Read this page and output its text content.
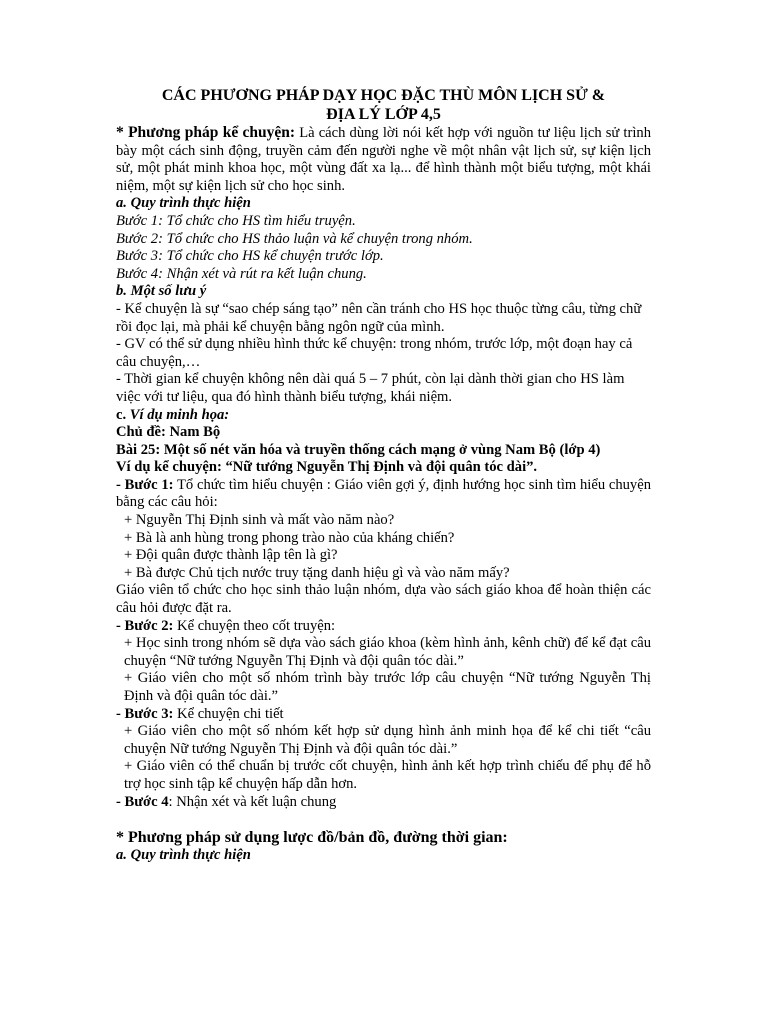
CÁC PHƯƠNG PHÁP DẠY HỌC ĐẶC THÙ MÔN LỊCH SỬ &
ĐỊA LÝ LỚP 4,5

* Phương pháp kể chuyện: Là cách dùng lời nói kết hợp với nguồn tư liệu lịch sử trình bày một cách sinh động, truyền cảm đến người nghe về một nhân vật lịch sử, sự kiện lịch sử, một phát minh khoa học, một vùng đất xa lạ... để hình thành một biểu tượng, một khái niệm, một sự kiện lịch sử cho học sinh.

a. Quy trình thực hiện

Bước 1: Tổ chức cho HS tìm hiểu truyện.

Bước 2: Tổ chức cho HS thảo luận và kể chuyện trong nhóm.

Bước 3: Tổ chức cho HS kể chuyện trước lớp.

Bước 4: Nhận xét và rút ra kết luận chung.

b. Một số lưu ý

- Kể chuyện là sự “sao chép sáng tạo” nên cần tránh cho HS học thuộc từng câu, từng chữ

rồi đọc lại, mà phải kể chuyện bằng ngôn ngữ của mình.

- GV có thể sử dụng nhiều hình thức kể chuyện: trong nhóm, trước lớp, một đoạn hay cả

câu chuyện,…

- Thời gian kể chuyện không nên dài quá 5 – 7 phút, còn lại dành thời gian cho HS làm

việc với tư liệu, qua đó hình thành biểu tượng, khái niệm.

c. Ví dụ minh họa:

Chủ đề: Nam Bộ

Bài 25: Một số nét văn hóa và truyền thống cách mạng ở vùng Nam Bộ (lớp 4)

Ví dụ kể chuyện: “Nữ tướng Nguyễn Thị Định và đội quân tóc dài”.

- Bước 1: Tổ chức tìm hiểu chuyện : Giáo viên gợi ý, định hướng học sinh tìm hiểu chuyện bằng các câu hỏi:

+ Nguyễn Thị Định sinh và mất vào năm nào?

+ Bà là anh hùng trong phong trào nào của kháng chiến?

+ Đội quân được thành lập tên là gì?

+ Bà được Chủ tịch nước truy tặng danh hiệu gì và vào năm mấy?

Giáo viên tổ chức cho học sinh thảo luận nhóm, dựa vào sách giáo khoa để hoàn thiện các câu hỏi được đặt ra.

- Bước 2: Kể chuyện theo cốt truyện:

+ Học sinh trong nhóm sẽ dựa vào sách giáo khoa (kèm hình ảnh, kênh chữ) để kể đạt câu chuyện “Nữ tướng Nguyễn Thị Định và đội quân tóc dài.”

+ Giáo viên cho một số nhóm trình bày trước lớp câu chuyện “Nữ tướng Nguyễn Thị Định và đội quân tóc dài.”

- Bước 3: Kể chuyện chi tiết

+ Giáo viên cho một số nhóm kết hợp sử dụng hình ảnh minh họa để kể chi tiết “câu chuyện Nữ tướng Nguyễn Thị Định và đội quân tóc dài.”

+ Giáo viên có thể chuẩn bị trước cốt chuyện, hình ảnh kết hợp trình chiếu để phụ để hỗ trợ học sinh tập kể chuyện hấp dẫn hơn.

- Bước 4: Nhận xét và kết luận chung

* Phương pháp sử dụng lược đồ/bản đồ, đường thời gian:

a. Quy trình thực hiện
